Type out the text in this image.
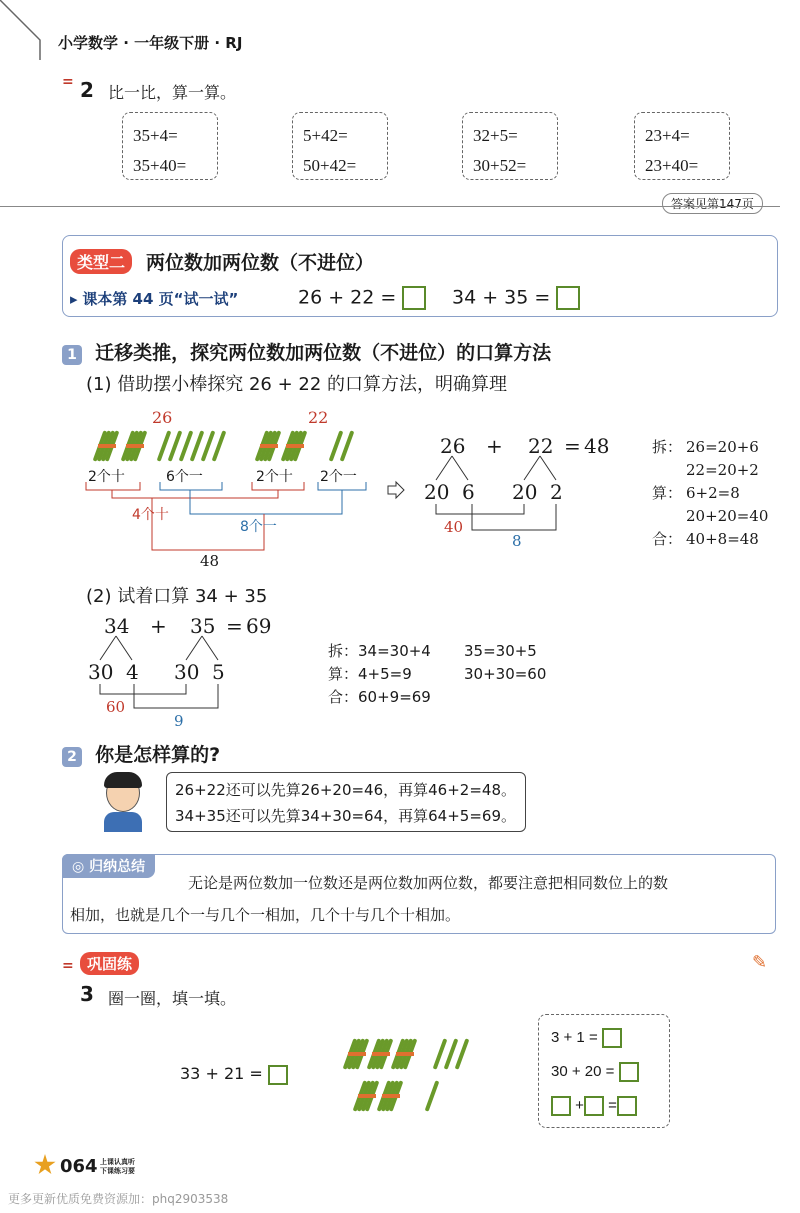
小学数学 · 一年级下册 · RJ
= 2 比一比，算一算。
35+4=
35+40=
5+42=
50+42=
32+5=
30+52=
23+4=
23+40=
答案见第147页
类型二	两位数加两位数（不进位）
▸ 课本第 44 页“试一试”	26 + 22 =	34 + 35 =
1 迁移类推，探究两位数加两位数（不进位）的口算方法
(1) 借助摆小棒探究 26 + 22 的口算方法，明确算理
26	22
2个十	6个一	2个十 2个一
4个十
8个一
48
26 + 22 = 48
20 6 20 2
40
8
拆： 26=20+6
22=20+2
算： 6+2=8
20+20=40
合： 40+8=48
(2) 试着口算 34 + 35
34 + 35 = 69
30 4 30 5
60
9
拆：34=30+4 35=30+5
算：4+5=9	30+30=60
合：60+9=69
2 你是怎样算的?
26+22还可以先算26+20=46，再算46+2=48。
34+35还可以先算34+30=64，再算64+5=69。
◎ 归纳总结
无论是两位数加一位数还是两位数加两位数，都要注意把相同数位上的数
相加，也就是几个一与几个一相加，几个十与几个十相加。
= 巩固练	✎
3 圈一圈，填一填。
33 + 21 =
3 + 1 =
30 + 20 =
+ =
064 上课认真听
下课练习要
更多更新优质免费资源加：phq2903538
